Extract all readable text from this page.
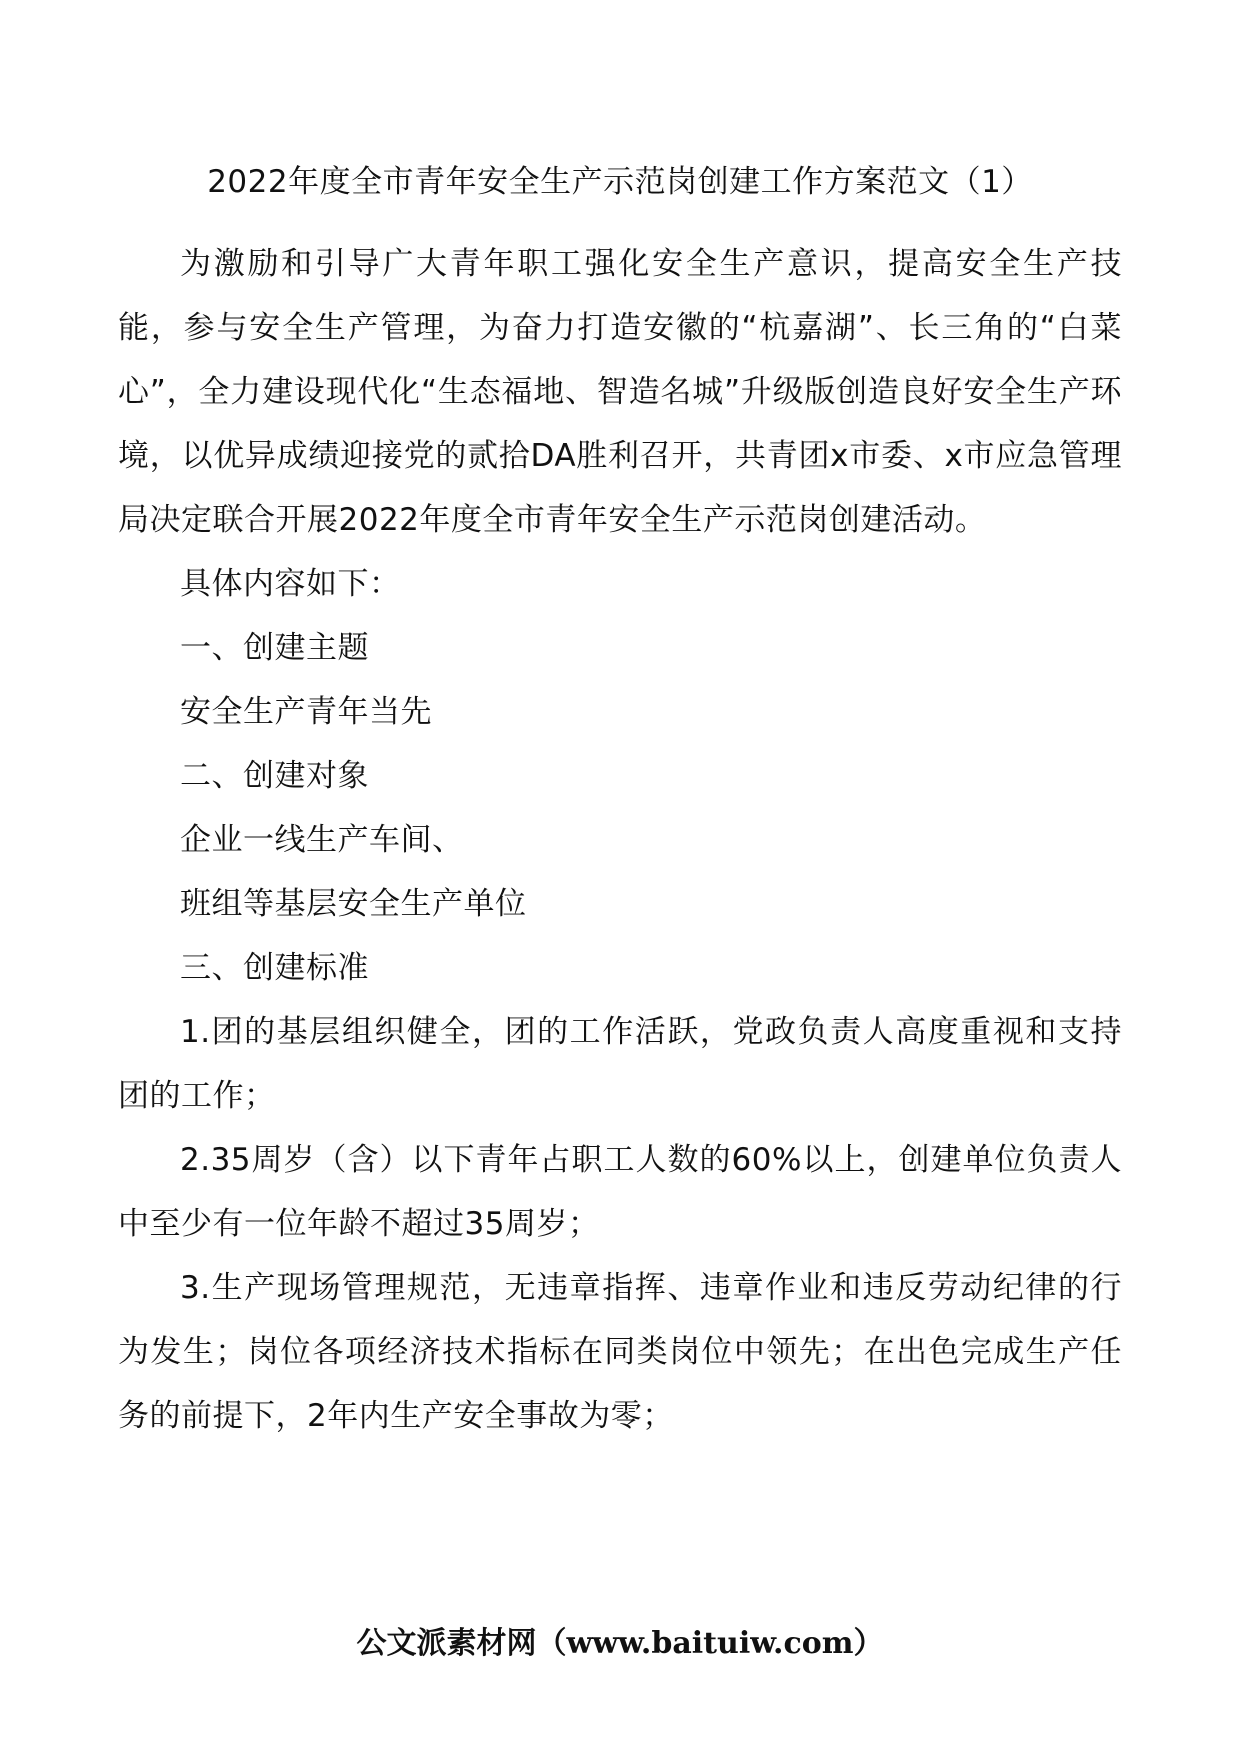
2022年度全市青年安全生产示范岗创建工作方案范文（1）

为激励和引导广大青年职工强化安全生产意识，提高安全生产技能，参与安全生产管理，为奋力打造安徽的“杭嘉湖”、长三角的“白菜心”，全力建设现代化“生态福地、智造名城”升级版创造良好安全生产环境，以优异成绩迎接党的贰拾DA胜利召开，共青团x市委、x市应急管理局决定联合开展2022年度全市青年安全生产示范岗创建活动。

具体内容如下：

一、创建主题

安全生产青年当先

二、创建对象

企业一线生产车间、

班组等基层安全生产单位

三、创建标准

1.团的基层组织健全，团的工作活跃，党政负责人高度重视和支持团的工作；

2.35周岁（含）以下青年占职工人数的60%以上，创建单位负责人中至少有一位年龄不超过35周岁；

3.生产现场管理规范，无违章指挥、违章作业和违反劳动纪律的行为发生；岗位各项经济技术指标在同类岗位中领先；在出色完成生产任务的前提下，2年内生产安全事故为零；

公文派素材网（www.baituiw.com）
